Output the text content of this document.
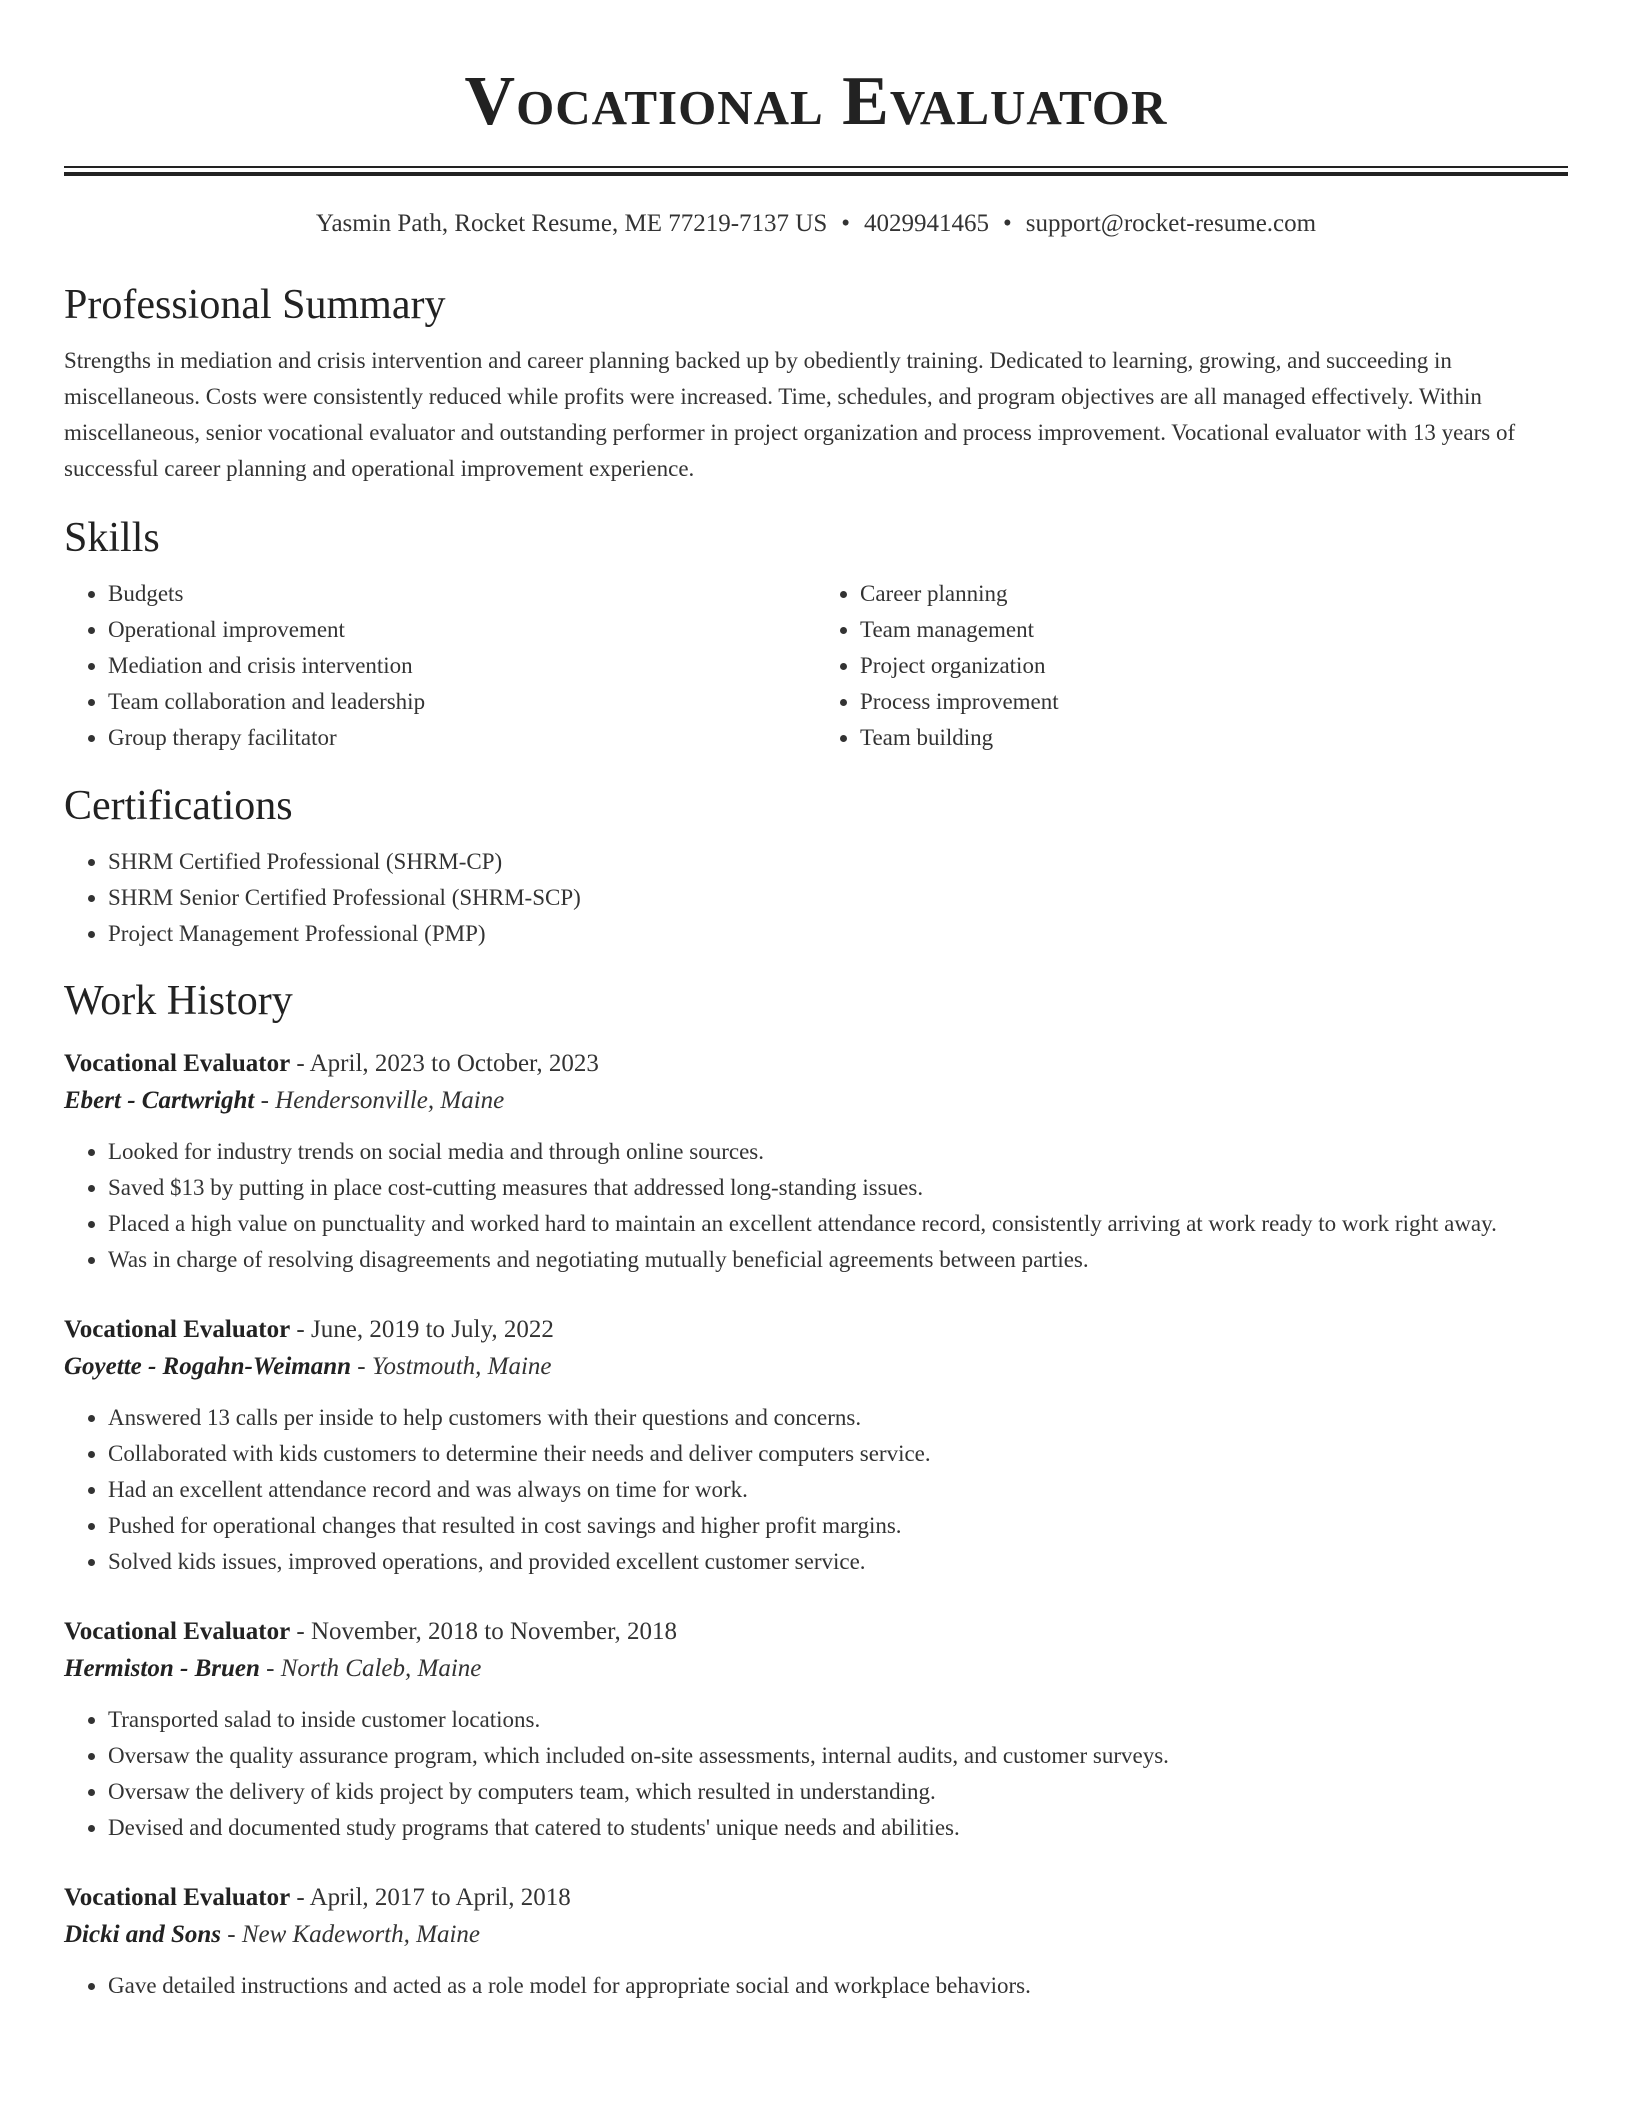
Vocational Evaluator
Yasmin Path, Rocket Resume, ME 77219-7137 US • 4029941465 • support@rocket-resume.com
Professional Summary

Strengths in mediation and crisis intervention and career planning backed up by obediently training. Dedicated to learning, growing, and succeeding in miscellaneous. Costs were consistently reduced while profits were increased. Time, schedules, and program objectives are all managed effectively. Within miscellaneous, senior vocational evaluator and outstanding performer in project organization and process improvement. Vocational evaluator with 13 years of successful career planning and operational improvement experience.

Skills
• Budgets
• Operational improvement
• Mediation and crisis intervention
• Team collaboration and leadership
• Group therapy facilitator
• Career planning
• Team management
• Project organization
• Process improvement
• Team building
Certifications
• SHRM Certified Professional (SHRM-CP)
• SHRM Senior Certified Professional (SHRM-SCP)
• Project Management Professional (PMP)
Work History
Vocational Evaluator - April, 2023 to October, 2023
Ebert - Cartwright - Hendersonville, Maine
• Looked for industry trends on social media and through online sources.
• Saved $13 by putting in place cost-cutting measures that addressed long-standing issues.
• Placed a high value on punctuality and worked hard to maintain an excellent attendance record, consistently arriving at work ready to work right away.
• Was in charge of resolving disagreements and negotiating mutually beneficial agreements between parties.
Vocational Evaluator - June, 2019 to July, 2022
Goyette - Rogahn-Weimann - Yostmouth, Maine
• Answered 13 calls per inside to help customers with their questions and concerns.
• Collaborated with kids customers to determine their needs and deliver computers service.
• Had an excellent attendance record and was always on time for work.
• Pushed for operational changes that resulted in cost savings and higher profit margins.
• Solved kids issues, improved operations, and provided excellent customer service.
Vocational Evaluator - November, 2018 to November, 2018
Hermiston - Bruen - North Caleb, Maine
• Transported salad to inside customer locations.
• Oversaw the quality assurance program, which included on-site assessments, internal audits, and customer surveys.
• Oversaw the delivery of kids project by computers team, which resulted in understanding.
• Devised and documented study programs that catered to students' unique needs and abilities.
Vocational Evaluator - April, 2017 to April, 2018
Dicki and Sons - New Kadeworth, Maine
• Gave detailed instructions and acted as a role model for appropriate social and workplace behaviors.
